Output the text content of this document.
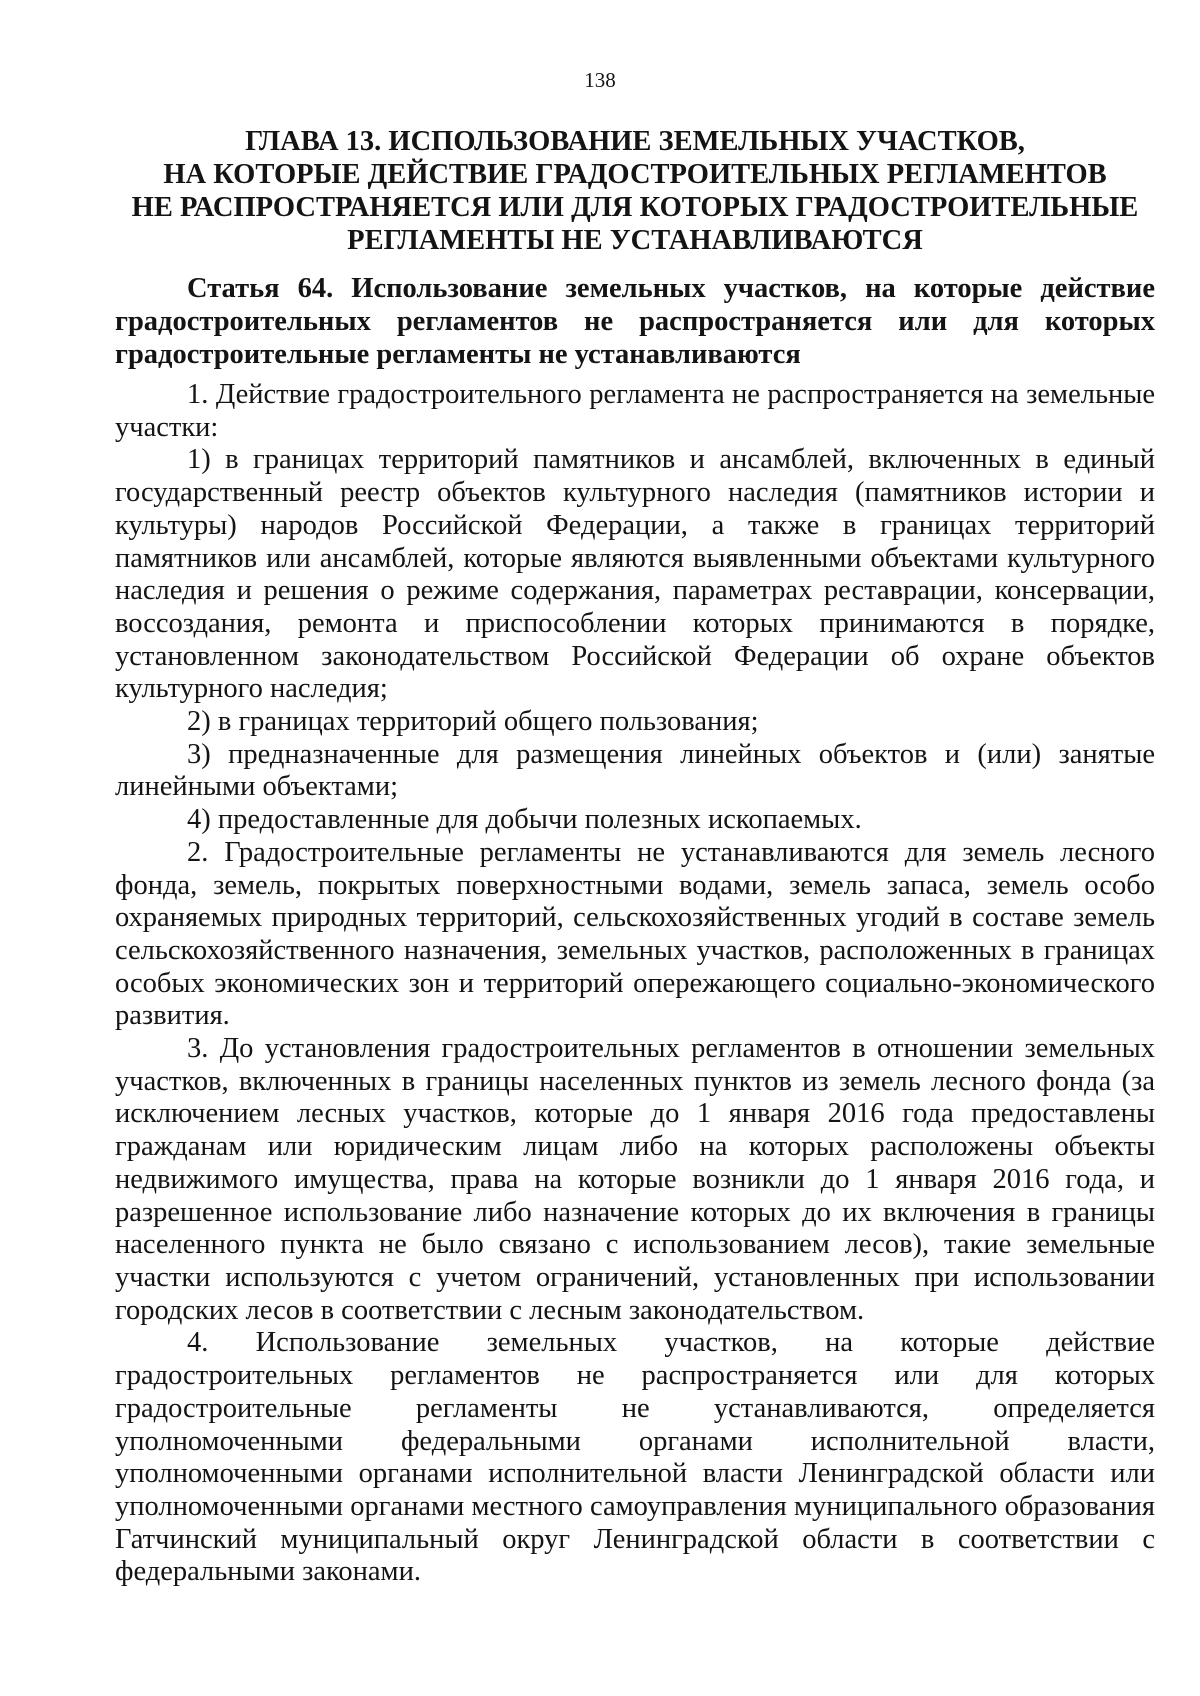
138
ГЛАВА 13. ИСПОЛЬЗОВАНИЕ ЗЕМЕЛЬНЫХ УЧАСТКОВ,
НА КОТОРЫЕ ДЕЙСТВИЕ ГРАДОСТРОИТЕЛЬНЫХ РЕГЛАМЕНТОВ
НЕ РАСПРОСТРАНЯЕТСЯ ИЛИ ДЛЯ КОТОРЫХ ГРАДОСТРОИТЕЛЬНЫЕ
РЕГЛАМЕНТЫ НЕ УСТАНАВЛИВАЮТСЯ
Статья 64. Использование земельных участков, на которые действие градостроительных регламентов не распространяется или для которых градостроительные регламенты не устанавливаются

1. Действие градостроительного регламента не распространяется на земельные участки:

1) в границах территорий памятников и ансамблей, включенных в единый государственный реестр объектов культурного наследия (памятников истории и культуры) народов Российской Федерации, а также в границах территорий памятников или ансамблей, которые являются выявленными объектами культурного наследия и решения о режиме содержания, параметрах реставрации, консервации, воссоздания, ремонта и приспособлении которых принимаются в порядке, установленном законодательством Российской Федерации об охране объектов культурного наследия;

2) в границах территорий общего пользования;

3) предназначенные для размещения линейных объектов и (или) занятые линейными объектами;

4) предоставленные для добычи полезных ископаемых.

2. Градостроительные регламенты не устанавливаются для земель лесного фонда, земель, покрытых поверхностными водами, земель запаса, земель особо охраняемых природных территорий, сельскохозяйственных угодий в составе земель сельскохозяйственного назначения, земельных участков, расположенных в границах особых экономических зон и территорий опережающего социально-экономического развития.

3. До установления градостроительных регламентов в отношении земельных участков, включенных в границы населенных пунктов из земель лесного фонда (за исключением лесных участков, которые до 1 января 2016 года предоставлены гражданам или юридическим лицам либо на которых расположены объекты недвижимого имущества, права на которые возникли до 1 января 2016 года, и разрешенное использование либо назначение которых до их включения в границы населенного пункта не было связано с использованием лесов), такие земельные участки используются с учетом ограничений, установленных при использовании городских лесов в соответствии с лесным законодательством.

4. Использование земельных участков, на которые действие градостроительных регламентов не распространяется или для которых градостроительные регламенты не устанавливаются, определяется уполномоченными федеральными органами исполнительной власти, уполномоченными органами исполнительной власти Ленинградской области или уполномоченными органами местного самоуправления муниципального образования Гатчинский муниципальный округ Ленинградской области в соответствии с федеральными законами.
